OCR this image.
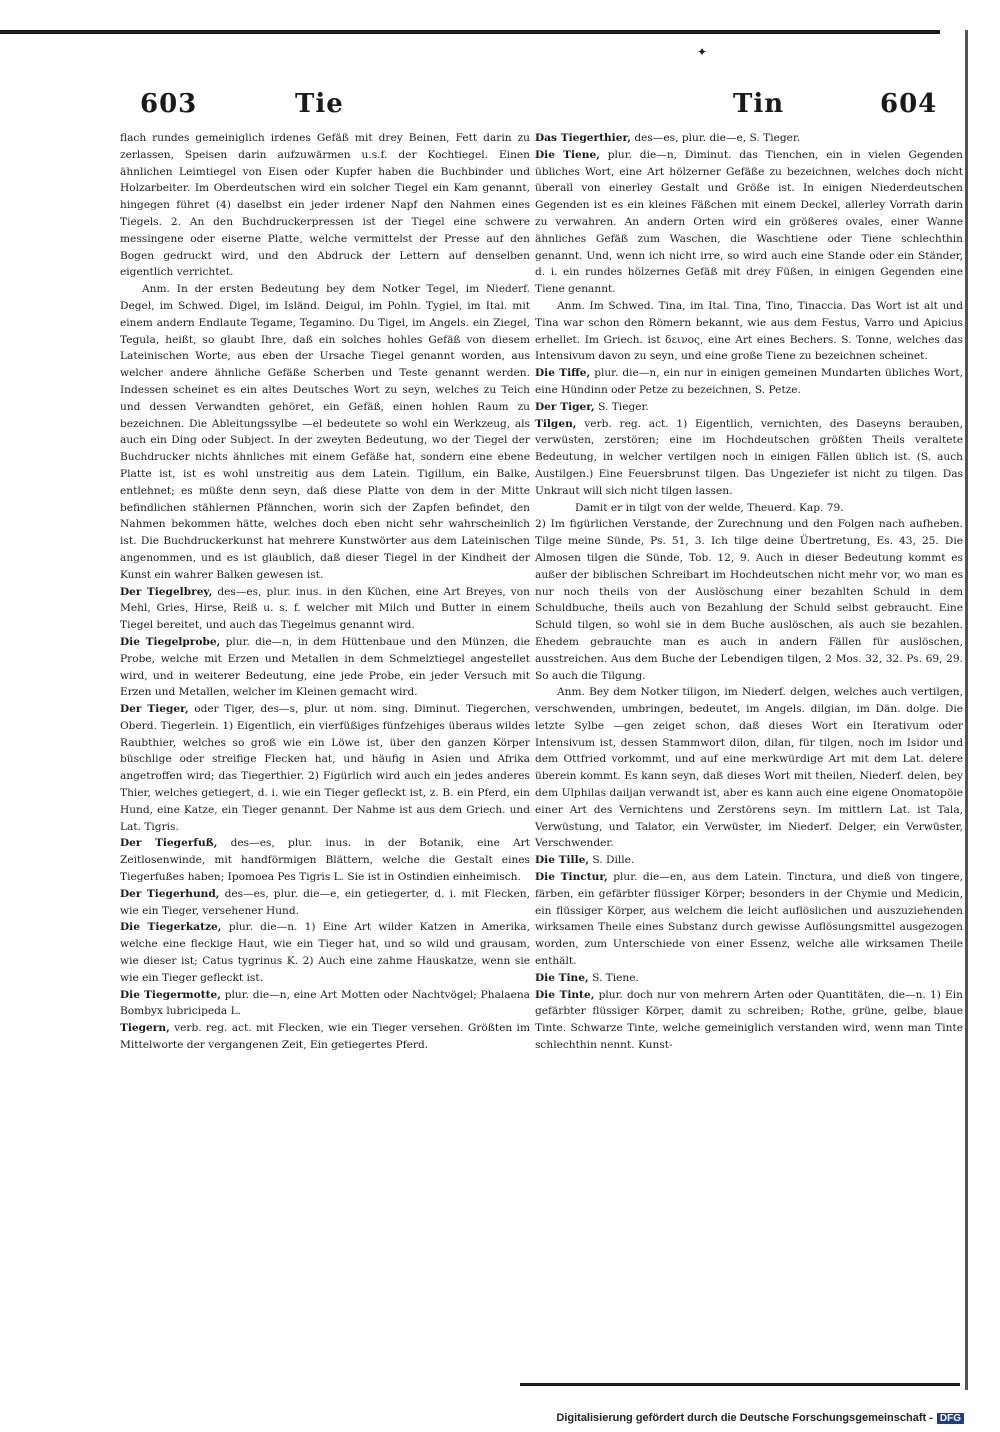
✦
603	Tie	Tin	604

flach rundes gemeiniglich irdenes Gefäß mit drey Beinen, Fett darin zu zerlassen, Speisen darin aufzuwärmen u.s.f. der Kochtiegel. Einen ähnlichen Leimtiegel von Eisen oder Kupfer haben die Buchbinder und Holzarbeiter. Im Oberdeutschen wird ein solcher Tiegel ein Kam genannt, hingegen führet (4) daselbst ein jeder irdener Napf den Nahmen eines Tiegels. 2. An den Buchdruckerpressen ist der Tiegel eine schwere messingene oder eiserne Platte, welche vermittelst der Presse auf den Bogen gedruckt wird, und den Abdruck der Lettern auf denselben eigentlich verrichtet.

Anm. In der ersten Bedeutung bey dem Notker Tegel, im Niederf. Degel, im Schwed. Digel, im Isländ. Deigul, im Pohln. Tygiel, im Ital. mit einem andern Endlaute Tegame, Tegamino. Du Tigel, im Angels. ein Ziegel, Tegula, heißt, so glaubt Ihre, daß ein solches hohles Gefäß von diesem Lateinischen Worte, aus eben der Ursache Tiegel genannt worden, aus welcher andere ähnliche Gefäße Scherben und Teste genannt werden. Indessen scheinet es ein altes Deutsches Wort zu seyn, welches zu Teich und dessen Verwandten gehöret, ein Gefäß, einen hohlen Raum zu bezeichnen. Die Ableitungssylbe —el bedeutete so wohl ein Werkzeug, als auch ein Ding oder Subject. In der zweyten Bedeutung, wo der Tiegel der Buchdrucker nichts ähnliches mit einem Gefäße hat, sondern eine ebene Platte ist, ist es wohl unstreitig aus dem Latein. Tigillum, ein Balke, entlehnet; es müßte denn seyn, daß diese Platte von dem in der Mitte befindlichen stählernen Pfännchen, worin sich der Zapfen befindet, den Nahmen bekommen hätte, welches doch eben nicht sehr wahrscheinlich ist. Die Buchdruckerkunst hat mehrere Kunstwörter aus dem Lateinischen angenommen, und es ist glaublich, daß dieser Tiegel in der Kindheit der Kunst ein wahrer Balken gewesen ist.

Der Tiegelbrey, des—es, plur. inus. in den Küchen, eine Art Breyes, von Mehl, Gries, Hirse, Reiß u. s. f. welcher mit Milch und Butter in einem Tiegel bereitet, und auch das Tiegelmus genannt wird.

Die Tiegelprobe, plur. die—n, in dem Hüttenbaue und den Münzen, die Probe, welche mit Erzen und Metallen in dem Schmelztiegel angestellet wird, und in weiterer Bedeutung, eine jede Probe, ein jeder Versuch mit Erzen und Metallen, welcher im Kleinen gemacht wird.

Der Tieger, oder Tiger, des—s, plur. ut nom. sing. Diminut. Tiegerchen, Oberd. Tiegerlein. 1) Eigentlich, ein vierfüßiges fünfzehiges überaus wildes Raubthier, welches so groß wie ein Löwe ist, über den ganzen Körper büschlige oder streifige Flecken hat, und häufig in Asien und Afrika angetroffen wird; das Tiegerthier. 2) Figürlich wird auch ein jedes anderes Thier, welches getiegert, d. i. wie ein Tieger gefleckt ist, z. B. ein Pferd, ein Hund, eine Katze, ein Tieger genannt. Der Nahme ist aus dem Griech. und Lat. Tigris.

Der Tiegerfuß, des—es, plur. inus. in der Botanik, eine Art Zeitlosenwinde, mit handförmigen Blättern, welche die Gestalt eines Tiegerfußes haben; Ipomoea Pes Tigris L. Sie ist in Ostindien einheimisch.

Der Tiegerhund, des—es, plur. die—e, ein getiegerter, d. i. mit Flecken, wie ein Tieger, versehener Hund.

Die Tiegerkatze, plur. die—n. 1) Eine Art wilder Katzen in Amerika, welche eine fleckige Haut, wie ein Tieger hat, und so wild und grausam, wie dieser ist; Catus tygrinus K. 2) Auch eine zahme Hauskatze, wenn sie wie ein Tieger gefleckt ist.

Die Tiegermotte, plur. die—n, eine Art Motten oder Nachtvögel; Phalaena Bombyx lubricipeda L.

Tiegern, verb. reg. act. mit Flecken, wie ein Tieger versehen. Größten im Mittelworte der vergangenen Zeit, Ein getiegertes Pferd.

Das Tiegerthier, des—es, plur. die—e, S. Tieger.

Die Tiene, plur. die—n, Diminut. das Tienchen, ein in vielen Gegenden übliches Wort, eine Art hölzerner Gefäße zu bezeichnen, welches doch nicht überall von einerley Gestalt und Größe ist. In einigen Niederdeutschen Gegenden ist es ein kleines Fäßchen mit einem Deckel, allerley Vorrath darin zu verwahren. An andern Orten wird ein größeres ovales, einer Wanne ähnliches Gefäß zum Waschen, die Waschtiene oder Tiene schlechthin genannt. Und, wenn ich nicht irre, so wird auch eine Stande oder ein Ständer, d. i. ein rundes hölzernes Gefäß mit drey Füßen, in einigen Gegenden eine Tiene genannt.

Anm. Im Schwed. Tina, im Ital. Tina, Tino, Tinaccia. Das Wort ist alt und Tina war schon den Römern bekannt, wie aus dem Festus, Varro und Apicius erhellet. Im Griech. ist δεινος, eine Art eines Bechers. S. Tonne, welches das Intensivum davon zu seyn, und eine große Tiene zu bezeichnen scheinet.

Die Tiffe, plur. die—n, ein nur in einigen gemeinen Mundarten übliches Wort, eine Hündinn oder Petze zu bezeichnen, S. Petze.

Der Tiger, S. Tieger.

Tilgen, verb. reg. act. 1) Eigentlich, vernichten, des Daseyns berauben, verwüsten, zerstören; eine im Hochdeutschen größten Theils veraltete Bedeutung, in welcher vertilgen noch in einigen Fällen üblich ist. (S. auch Austilgen.) Eine Feuersbrunst tilgen. Das Ungeziefer ist nicht zu tilgen. Das Unkraut will sich nicht tilgen lassen.

Damit er in tilgt von der welde, Theuerd. Kap. 79.

2) Im figürlichen Verstande, der Zurechnung und den Folgen nach aufheben. Tilge meine Sünde, Ps. 51, 3. Ich tilge deine Übertretung, Es. 43, 25. Die Almosen tilgen die Sünde, Tob. 12, 9. Auch in dieser Bedeutung kommt es außer der biblischen Schreibart im Hochdeutschen nicht mehr vor, wo man es nur noch theils von der Auslöschung einer bezahlten Schuld in dem Schuldbuche, theils auch von Bezahlung der Schuld selbst gebraucht. Eine Schuld tilgen, so wohl sie in dem Buche auslöschen, als auch sie bezahlen. Ehedem gebrauchte man es auch in andern Fällen für auslöschen, ausstreichen. Aus dem Buche der Lebendigen tilgen, 2 Mos. 32, 32. Ps. 69, 29. So auch die Tilgung.

Anm. Bey dem Notker tiligon, im Niederf. delgen, welches auch vertilgen, verschwenden, umbringen, bedeutet, im Angels. dilgian, im Dän. dolge. Die letzte Sylbe —gen zeiget schon, daß dieses Wort ein Iterativum oder Intensivum ist, dessen Stammwort dilon, dilan, für tilgen, noch im Isidor und dem Ottfried vorkommt, und auf eine merkwürdige Art mit dem Lat. delere überein kommt. Es kann seyn, daß dieses Wort mit theilen, Niederf. delen, bey dem Ulphilas dailjan verwandt ist, aber es kann auch eine eigene Onomatopöie einer Art des Vernichtens und Zerstörens seyn. Im mittlern Lat. ist Tala, Verwüstung, und Talator, ein Verwüster, im Niederf. Delger, ein Verwüster, Verschwender.

Die Tille, S. Dille.

Die Tinctur, plur. die—en, aus dem Latein. Tinctura, und dieß von tingere, färben, ein gefärbter flüssiger Körper; besonders in der Chymie und Medicin, ein flüssiger Körper, aus welchem die leicht auflöslichen und auszuziehenden wirksamen Theile eines Substanz durch gewisse Auflösungsmittel ausgezogen worden, zum Unterschiede von einer Essenz, welche alle wirksamen Theile enthält.

Die Tine, S. Tiene.

Die Tinte, plur. doch nur von mehrern Arten oder Quantitäten, die—n. 1) Ein gefärbter flüssiger Körper, damit zu schreiben; Rothe, grüne, gelbe, blaue Tinte. Schwarze Tinte, welche gemeiniglich verstanden wird, wenn man Tinte schlechthin nennt. Kunst-

Digitalisierung gefördert durch die Deutsche Forschungsgemeinschaft - DFG
